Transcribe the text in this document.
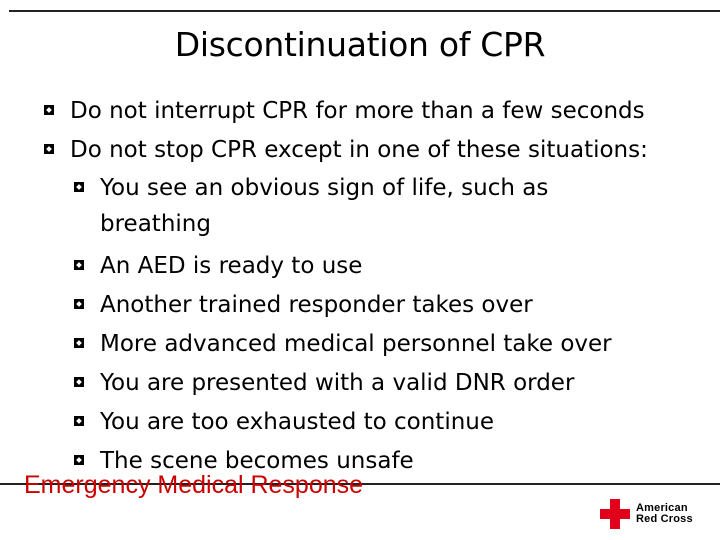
Discontinuation of CPR
Do not interrupt CPR for more than a few seconds
Do not stop CPR except in one of these situations:
You see an obvious sign of life, such as breathing
An AED is ready to use
Another trained responder takes over
More advanced medical personnel take over
You are presented with a valid DNR order
You are too exhausted to continue
The scene becomes unsafe
Emergency Medical Response
American
Red Cross
